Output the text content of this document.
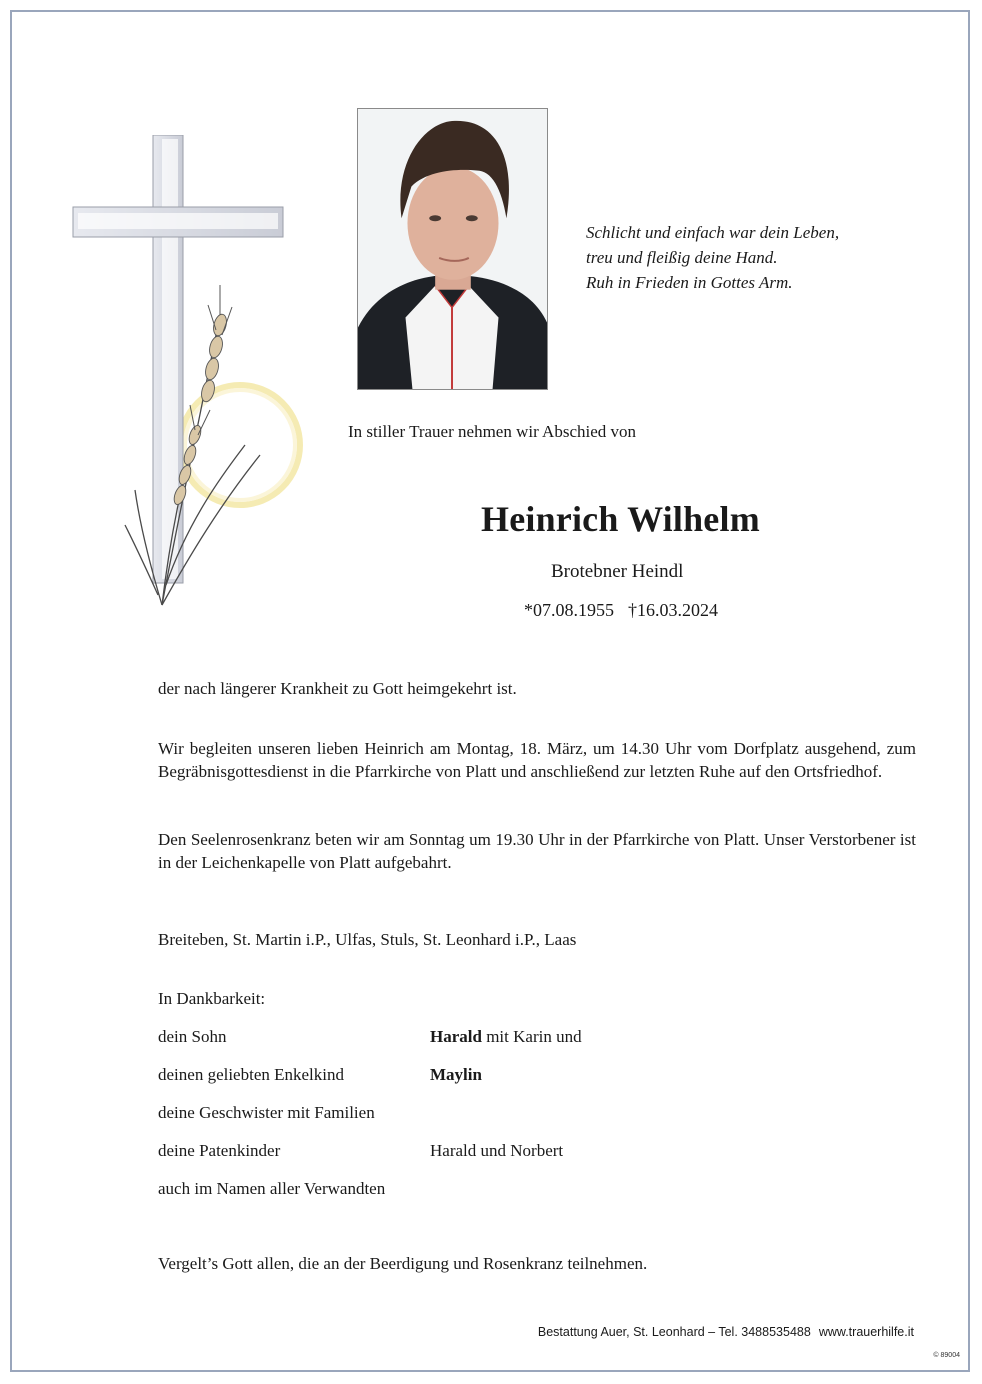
Schlicht und einfach war dein Leben,
treu und fleißig deine Hand.
Ruh in Frieden in Gottes Arm.
In stiller Trauer nehmen wir Abschied von
Heinrich Wilhelm
Brotebner Heindl
*07.08.1955 †16.03.2024

der nach längerer Krankheit zu Gott heimgekehrt ist.

Wir begleiten unseren lieben Heinrich am Montag, 18. März, um 14.30 Uhr vom Dorfplatz ausgehend, zum Begräbnisgottesdienst in die Pfarrkirche von Platt und anschließend zur letzten Ruhe auf den Ortsfriedhof.

Den Seelenrosenkranz beten wir am Sonntag um 19.30 Uhr in der Pfarrkirche von Platt. Unser Verstorbener ist in der Leichenkapelle von Platt aufgebahrt.

Breiteben, St. Martin i.P., Ulfas, Stuls, St. Leonhard i.P., Laas

In Dankbarkeit:
dein Sohn	Harald mit Karin und
deinen geliebten Enkelkind	Maylin
deine Geschwister mit Familien
deine Patenkinder	Harald und Norbert
auch im Namen aller Verwandten
Vergelt’s Gott allen, die an der Beerdigung und Rosenkranz teilnehmen.
Bestattung Auer, St. Leonhard – Tel. 3488535488 www.trauerhilfe.it
© 89004
